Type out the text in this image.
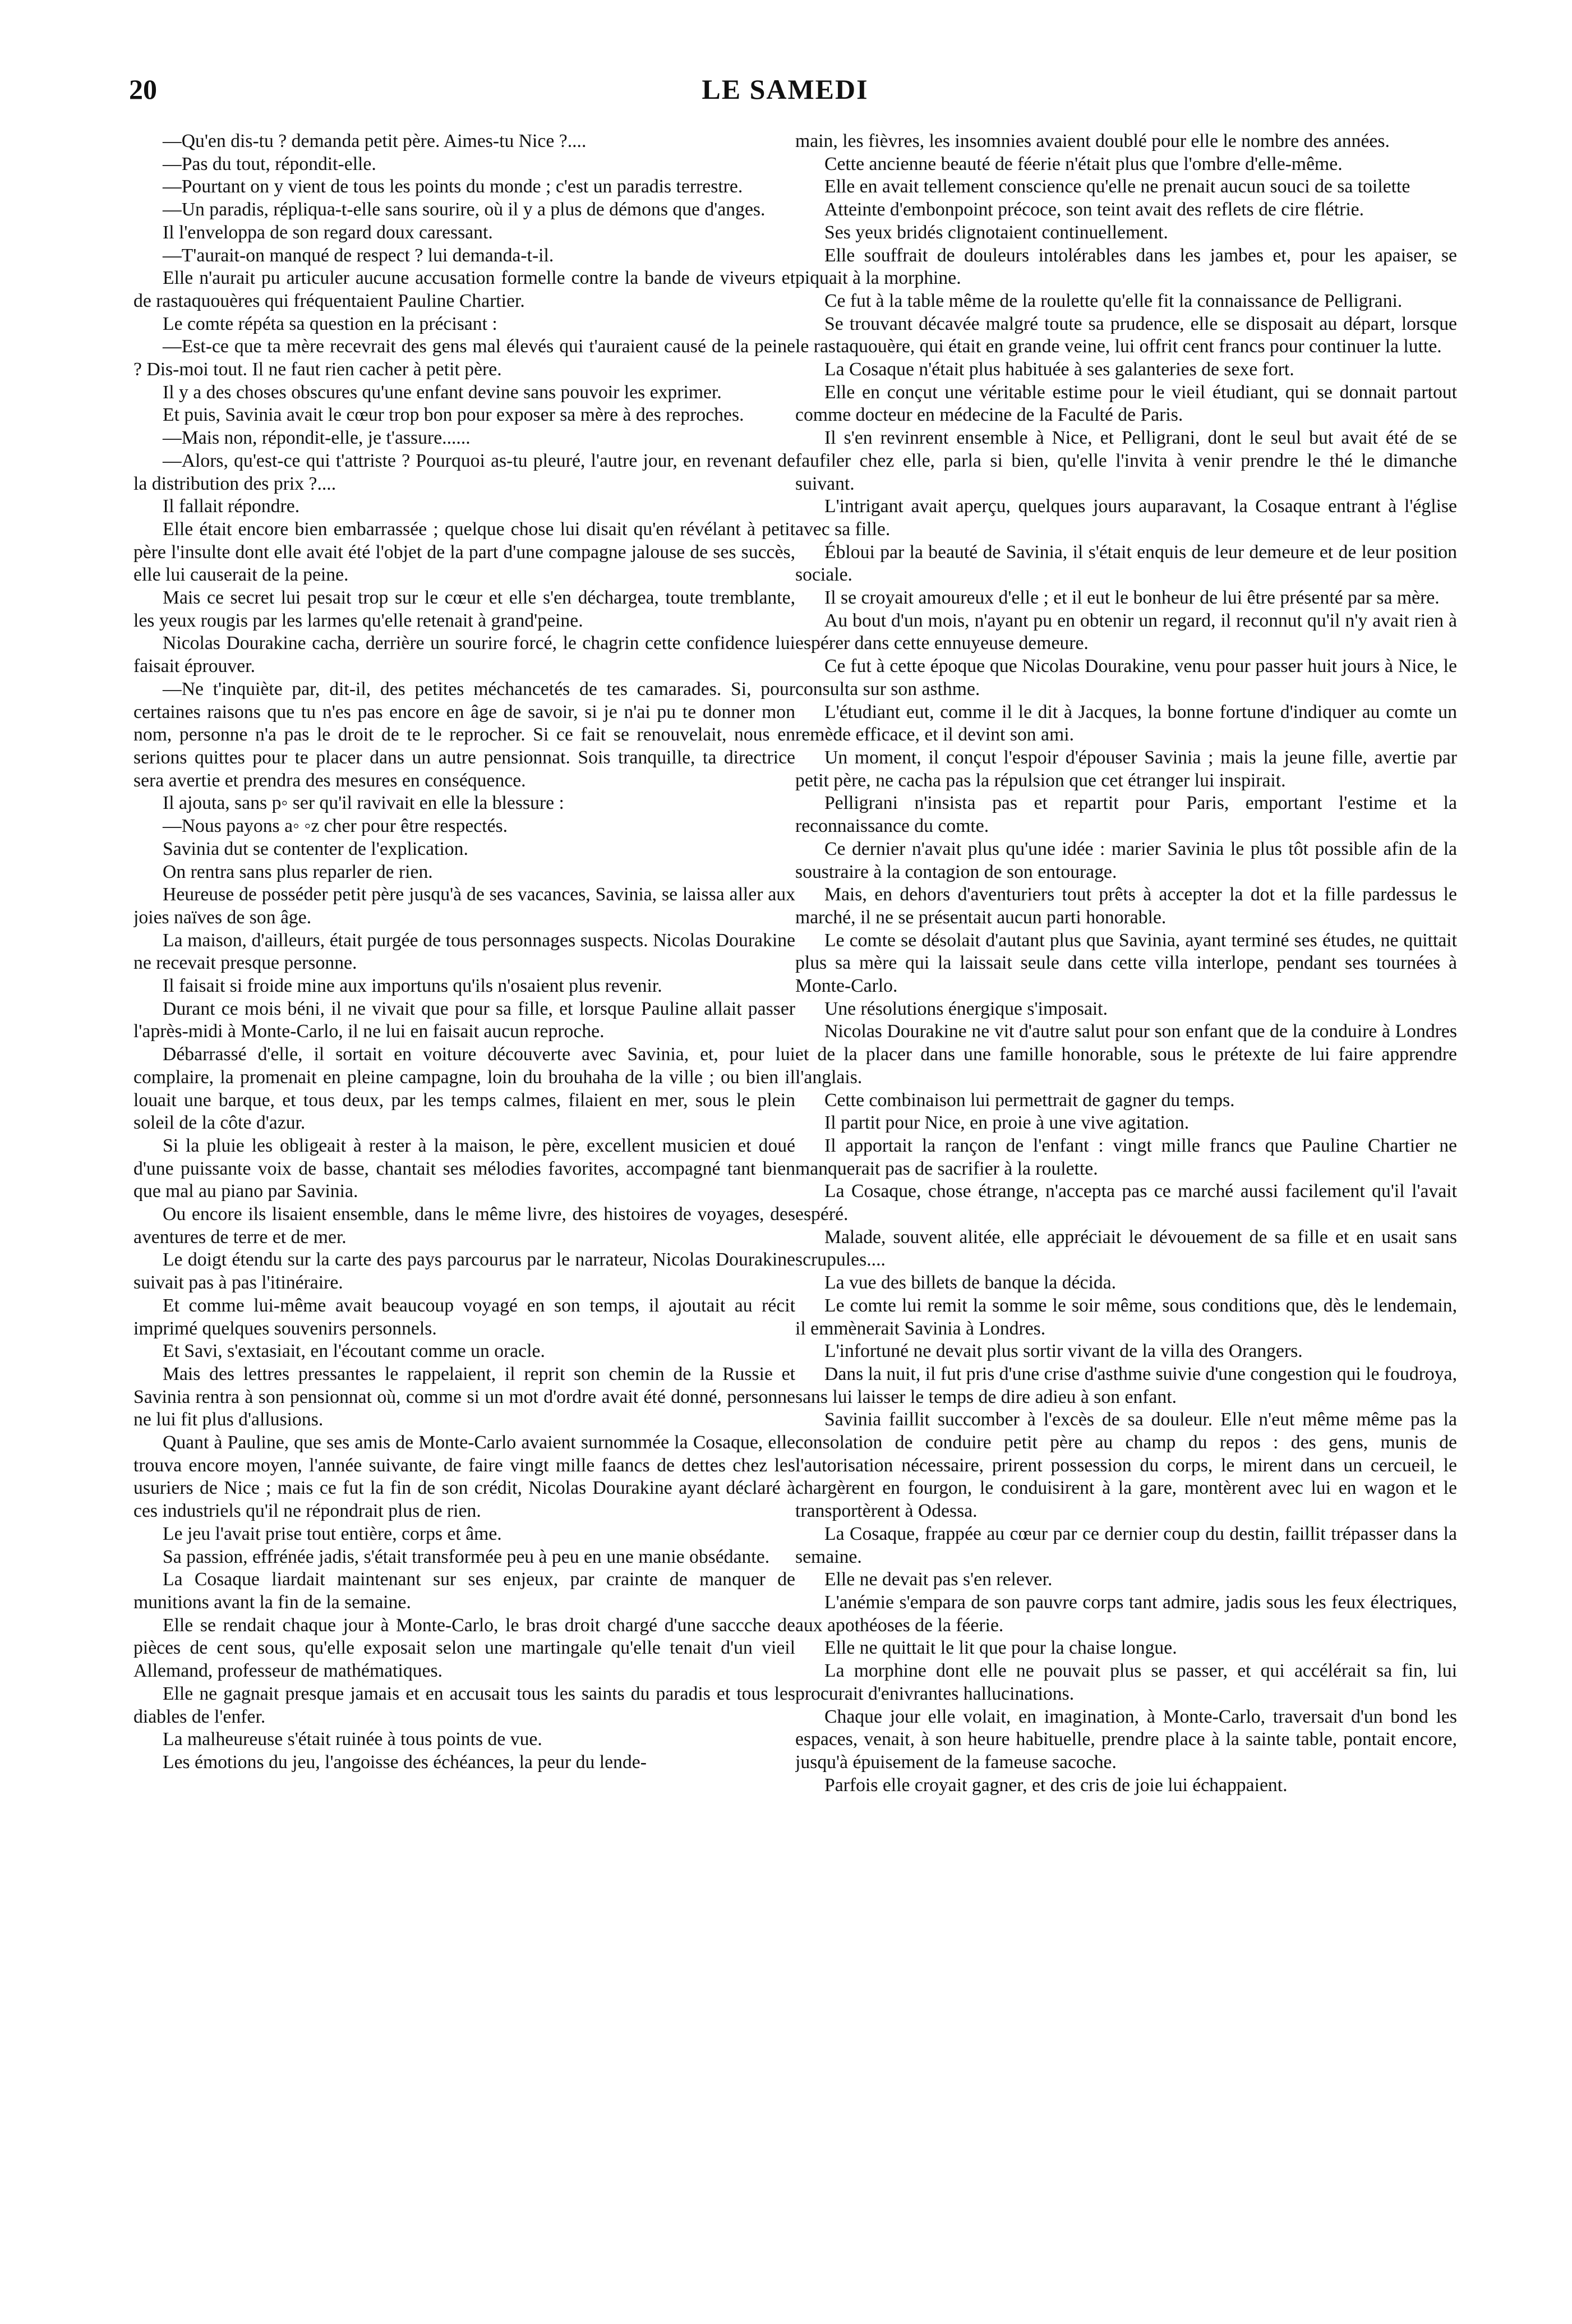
20	LE SAMEDI

—Qu'en dis-tu ? demanda petit père. Aimes-tu Nice ?....

—Pas du tout, répondit-elle.

—Pourtant on y vient de tous les points du monde ; c'est un paradis terrestre.

—Un paradis, répliqua-t-elle sans sourire, où il y a plus de démons que d'anges.

Il l'enveloppa de son regard doux caressant.

—T'aurait-on manqué de respect ? lui demanda-t-il.

Elle n'aurait pu articuler aucune accusation formelle contre la bande de viveurs et de rastaquouères qui fréquentaient Pauline Chartier.

Le comte répéta sa question en la précisant :

—Est-ce que ta mère recevrait des gens mal élevés qui t'auraient causé de la peine ? Dis-moi tout. Il ne faut rien cacher à petit père.

Il y a des choses obscures qu'une enfant devine sans pouvoir les exprimer.

Et puis, Savinia avait le cœur trop bon pour exposer sa mère à des reproches.

—Mais non, répondit-elle, je t'assure......

—Alors, qu'est-ce qui t'attriste ? Pourquoi as-tu pleuré, l'autre jour, en revenant de la distribution des prix ?....

Il fallait répondre.

Elle était encore bien embarrassée ; quelque chose lui disait qu'en révélant à petit père l'insulte dont elle avait été l'objet de la part d'une compagne jalouse de ses succès, elle lui causerait de la peine.

Mais ce secret lui pesait trop sur le cœur et elle s'en déchargea, toute tremblante, les yeux rougis par les larmes qu'elle retenait à grand'peine.

Nicolas Dourakine cacha, derrière un sourire forcé, le chagrin cette confidence lui faisait éprouver.

—Ne t'inquiète par, dit-il, des petites méchancetés de tes camarades. Si, pour certaines raisons que tu n'es pas encore en âge de savoir, si je n'ai pu te donner mon nom, personne n'a pas le droit de te le reprocher. Si ce fait se renouvelait, nous en serions quittes pour te placer dans un autre pensionnat. Sois tranquille, ta directrice sera avertie et prendra des mesures en conséquence.

Il ajouta, sans p◦ ser qu'il ravivait en elle la blessure :

—Nous payons a◦ ◦z cher pour être respectés.

Savinia dut se contenter de l'explication.

On rentra sans plus reparler de rien.

Heureuse de posséder petit père jusqu'à de ses vacances, Savinia, se laissa aller aux joies naïves de son âge.

La maison, d'ailleurs, était purgée de tous personnages suspects. Nicolas Dourakine ne recevait presque personne.

Il faisait si froide mine aux importuns qu'ils n'osaient plus revenir.

Durant ce mois béni, il ne vivait que pour sa fille, et lorsque Pauline allait passer l'après-midi à Monte-Carlo, il ne lui en faisait aucun reproche.

Débarrassé d'elle, il sortait en voiture découverte avec Savinia, et, pour lui complaire, la promenait en pleine campagne, loin du brouhaha de la ville ; ou bien il louait une barque, et tous deux, par les temps calmes, filaient en mer, sous le plein soleil de la côte d'azur.

Si la pluie les obligeait à rester à la maison, le père, excellent musicien et doué d'une puissante voix de basse, chantait ses mélodies favorites, accompagné tant bien que mal au piano par Savinia.

Ou encore ils lisaient ensemble, dans le même livre, des histoires de voyages, des aventures de terre et de mer.

Le doigt étendu sur la carte des pays parcourus par le narrateur, Nicolas Dourakine suivait pas à pas l'itinéraire.

Et comme lui-même avait beaucoup voyagé en son temps, il ajoutait au récit imprimé quelques souvenirs personnels.

Et Savi, s'extasiait, en l'écoutant comme un oracle.

Mais des lettres pressantes le rappelaient, il reprit son chemin de la Russie et Savinia rentra à son pensionnat où, comme si un mot d'ordre avait été donné, personne ne lui fit plus d'allusions.

Quant à Pauline, que ses amis de Monte-Carlo avaient surnommée la Cosaque, elle trouva encore moyen, l'année suivante, de faire vingt mille faancs de dettes chez les usuriers de Nice ; mais ce fut la fin de son crédit, Nicolas Dourakine ayant déclaré à ces industriels qu'il ne répondrait plus de rien.

Le jeu l'avait prise tout entière, corps et âme.

Sa passion, effrénée jadis, s'était transformée peu à peu en une manie obsédante.

La Cosaque liardait maintenant sur ses enjeux, par crainte de manquer de munitions avant la fin de la semaine.

Elle se rendait chaque jour à Monte-Carlo, le bras droit chargé d'une saccche de pièces de cent sous, qu'elle exposait selon une martingale qu'elle tenait d'un vieil Allemand, professeur de mathématiques.

Elle ne gagnait presque jamais et en accusait tous les saints du paradis et tous les diables de l'enfer.

La malheureuse s'était ruinée à tous points de vue.

Les émotions du jeu, l'angoisse des échéances, la peur du lende-

main, les fièvres, les insomnies avaient doublé pour elle le nombre des années.

Cette ancienne beauté de féerie n'était plus que l'ombre d'elle-même.

Elle en avait tellement conscience qu'elle ne prenait aucun souci de sa toilette

Atteinte d'embonpoint précoce, son teint avait des reflets de cire flétrie.

Ses yeux bridés clignotaient continuellement.

Elle souffrait de douleurs intolérables dans les jambes et, pour les apaiser, se piquait à la morphine.

Ce fut à la table même de la roulette qu'elle fit la connaissance de Pelligrani.

Se trouvant décavée malgré toute sa prudence, elle se disposait au départ, lorsque le rastaquouère, qui était en grande veine, lui offrit cent francs pour continuer la lutte.

La Cosaque n'était plus habituée à ses galanteries de sexe fort.

Elle en conçut une véritable estime pour le vieil étudiant, qui se donnait partout comme docteur en médecine de la Faculté de Paris.

Il s'en revinrent ensemble à Nice, et Pelligrani, dont le seul but avait été de se faufiler chez elle, parla si bien, qu'elle l'invita à venir prendre le thé le dimanche suivant.

L'intrigant avait aperçu, quelques jours auparavant, la Cosaque entrant à l'église avec sa fille.

Ébloui par la beauté de Savinia, il s'était enquis de leur demeure et de leur position sociale.

Il se croyait amoureux d'elle ; et il eut le bonheur de lui être présenté par sa mère.

Au bout d'un mois, n'ayant pu en obtenir un regard, il reconnut qu'il n'y avait rien à espérer dans cette ennuyeuse demeure.

Ce fut à cette époque que Nicolas Dourakine, venu pour passer huit jours à Nice, le consulta sur son asthme.

L'étudiant eut, comme il le dit à Jacques, la bonne fortune d'indiquer au comte un remède efficace, et il devint son ami.

Un moment, il conçut l'espoir d'épouser Savinia ; mais la jeune fille, avertie par petit père, ne cacha pas la répulsion que cet étranger lui inspirait.

Pelligrani n'insista pas et repartit pour Paris, emportant l'estime et la reconnaissance du comte.

Ce dernier n'avait plus qu'une idée : marier Savinia le plus tôt possible afin de la soustraire à la contagion de son entourage.

Mais, en dehors d'aventuriers tout prêts à accepter la dot et la fille pardessus le marché, il ne se présentait aucun parti honorable.

Le comte se désolait d'autant plus que Savinia, ayant terminé ses études, ne quittait plus sa mère qui la laissait seule dans cette villa interlope, pendant ses tournées à Monte-Carlo.

Une résolutions énergique s'imposait.

Nicolas Dourakine ne vit d'autre salut pour son enfant que de la conduire à Londres et de la placer dans une famille honorable, sous le prétexte de lui faire apprendre l'anglais.

Cette combinaison lui permettrait de gagner du temps.

Il partit pour Nice, en proie à une vive agitation.

Il apportait la rançon de l'enfant : vingt mille francs que Pauline Chartier ne manquerait pas de sacrifier à la roulette.

La Cosaque, chose étrange, n'accepta pas ce marché aussi facilement qu'il l'avait espéré.

Malade, souvent alitée, elle appréciait le dévouement de sa fille et en usait sans scrupules....

La vue des billets de banque la décida.

Le comte lui remit la somme le soir même, sous conditions que, dès le lendemain, il emmènerait Savinia à Londres.

L'infortuné ne devait plus sortir vivant de la villa des Orangers.

Dans la nuit, il fut pris d'une crise d'asthme suivie d'une congestion qui le foudroya, sans lui laisser le temps de dire adieu à son enfant.

Savinia faillit succomber à l'excès de sa douleur. Elle n'eut même même pas la consolation de conduire petit père au champ du repos : des gens, munis de l'autorisation nécessaire, prirent possession du corps, le mirent dans un cercueil, le chargèrent en fourgon, le conduisirent à la gare, montèrent avec lui en wagon et le transportèrent à Odessa.

La Cosaque, frappée au cœur par ce dernier coup du destin, faillit trépasser dans la semaine.

Elle ne devait pas s'en relever.

L'anémie s'empara de son pauvre corps tant admire, jadis sous les feux électriques, aux apothéoses de la féerie.

Elle ne quittait le lit que pour la chaise longue.

La morphine dont elle ne pouvait plus se passer, et qui accélérait sa fin, lui procurait d'enivrantes hallucinations.

Chaque jour elle volait, en imagination, à Monte-Carlo, traversait d'un bond les espaces, venait, à son heure habituelle, prendre place à la sainte table, pontait encore, jusqu'à épuisement de la fameuse sacoche.

Parfois elle croyait gagner, et des cris de joie lui échappaient.
